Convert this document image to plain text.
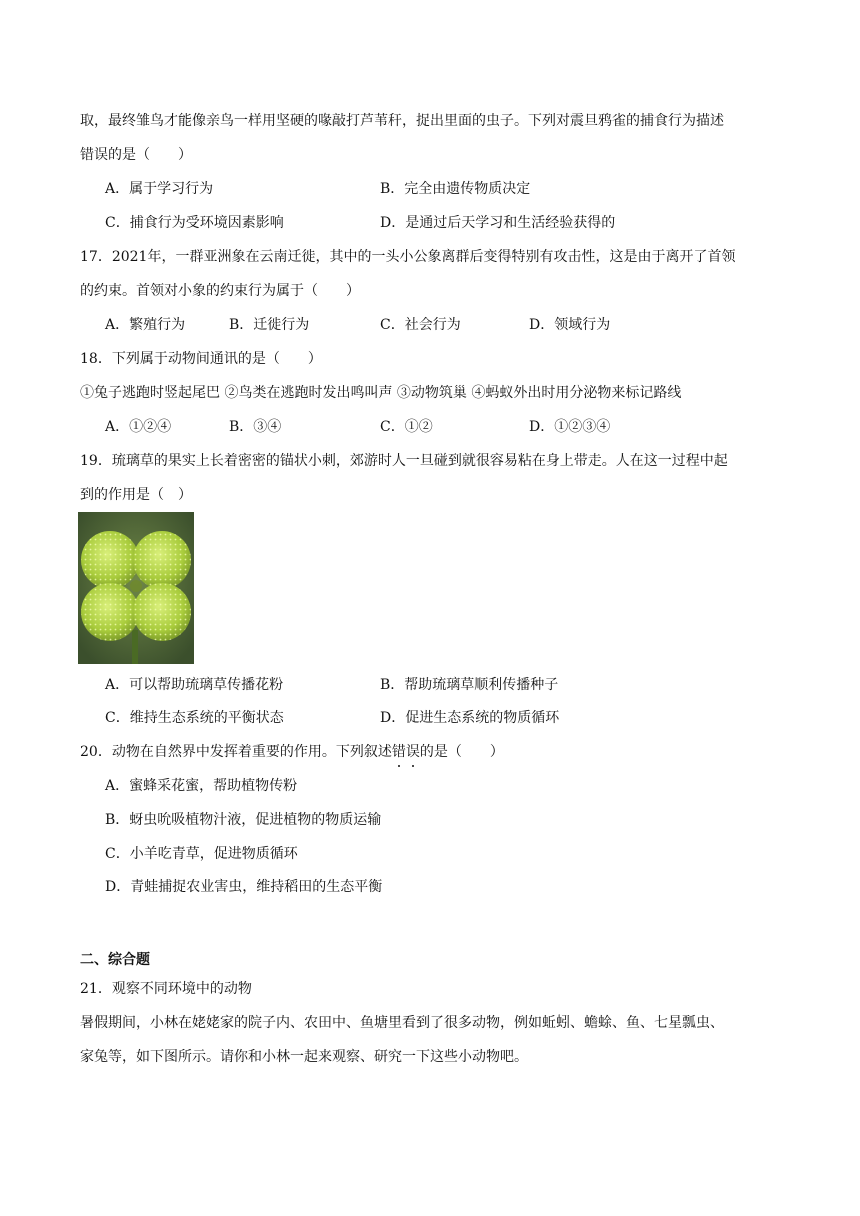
取，最终雏鸟才能像亲鸟一样用坚硬的喙敲打芦苇秆，捉出里面的虫子。下列对震旦鸦雀的捕食行为描述
错误的是（　　）
A．属于学习行为	B．完全由遗传物质决定
C．捕食行为受环境因素影响	D．是通过后天学习和生活经验获得的
17．2021年，一群亚洲象在云南迁徙，其中的一头小公象离群后变得特别有攻击性，这是由于离开了首领
的约束。首领对小象的约束行为属于（　　）
A．繁殖行为	B．迁徙行为	C．社会行为	D．领域行为
18．下列属于动物间通讯的是（　　）
①兔子逃跑时竖起尾巴 ②鸟类在逃跑时发出鸣叫声 ③动物筑巢 ④蚂蚁外出时用分泌物来标记路线
A．①②④	B．③④	C．①②	D．①②③④
19．琉璃草的果实上长着密密的锚状小刺，郊游时人一旦碰到就很容易粘在身上带走。人在这一过程中起
到的作用是（　）
A．可以帮助琉璃草传播花粉	B．帮助琉璃草顺利传播种子
C．维持生态系统的平衡状态	D．促进生态系统的物质循环
20．动物在自然界中发挥着重要的作用。下列叙述错误的是（　　）
A．蜜蜂采花蜜，帮助植物传粉
B．蚜虫吮吸植物汁液，促进植物的物质运输
C．小羊吃青草，促进物质循环
D．青蛙捕捉农业害虫，维持稻田的生态平衡
二、综合题
21．观察不同环境中的动物
暑假期间，小林在姥姥家的院子内、农田中、鱼塘里看到了很多动物，例如蚯蚓、蟾蜍、鱼、七星瓢虫、
家兔等，如下图所示。请你和小林一起来观察、研究一下这些小动物吧。
